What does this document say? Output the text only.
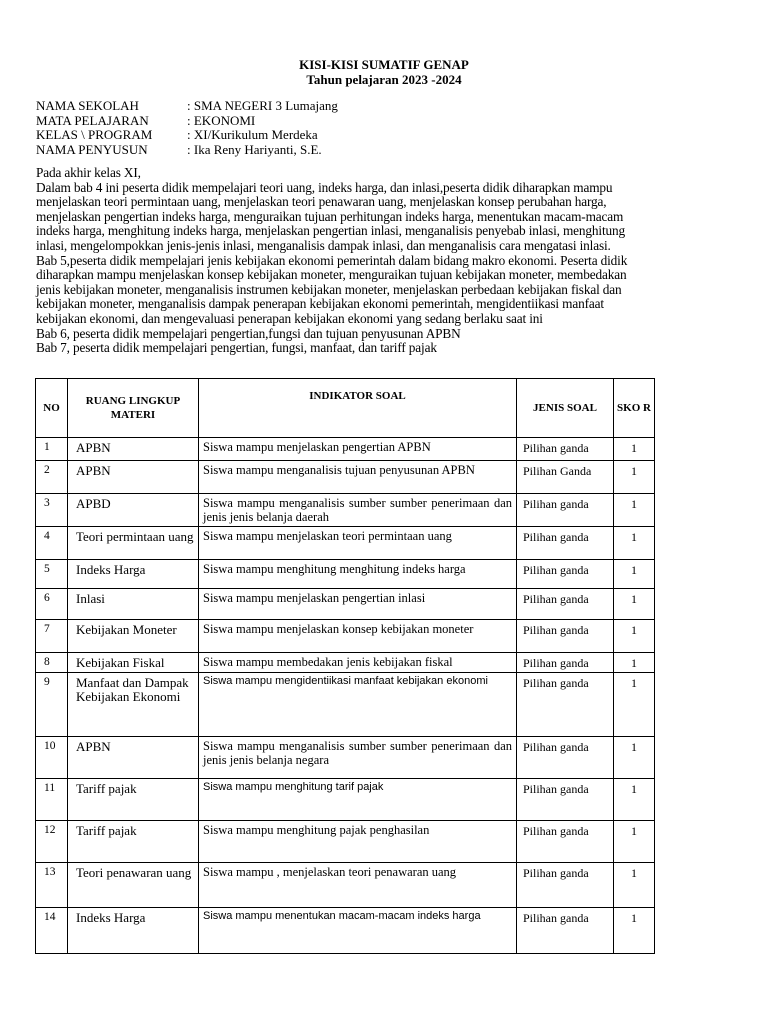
KISI-KISI SUMATIF GENAP
Tahun pelajaran 2023 -2024
NAMA SEKOLAH	: SMA NEGERI 3 Lumajang
MATA PELAJARAN	: EKONOMI
KELAS \ PROGRAM	: XI/Kurikulum Merdeka
NAMA PENYUSUN	: Ika Reny Hariyanti, S.E.
Pada akhir kelas XI,
Dalam bab 4 ini peserta didik mempelajari teori uang, indeks harga, dan inlasi,peserta didik diharapkan mampu
menjelaskan teori permintaan uang, menjelaskan teori penawaran uang, menjelaskan konsep perubahan harga,
menjelaskan pengertian indeks harga, menguraikan tujuan perhitungan indeks harga, menentukan macam-macam
indeks harga, menghitung indeks harga, menjelaskan pengertian inlasi, menganalisis penyebab inlasi, menghitung
inlasi, mengelompokkan jenis-jenis inlasi, menganalisis dampak inlasi, dan menganalisis cara mengatasi inlasi.
Bab 5,peserta didik mempelajari jenis kebijakan ekonomi pemerintah dalam bidang makro ekonomi. Peserta didik
diharapkan mampu menjelaskan konsep kebijakan moneter, menguraikan tujuan kebijakan moneter, membedakan
jenis kebijakan moneter, menganalisis instrumen kebijakan moneter, menjelaskan perbedaan kebijakan fiskal dan
kebijakan moneter, menganalisis dampak penerapan kebijakan ekonomi pemerintah, mengidentiikasi manfaat
kebijakan ekonomi, dan mengevaluasi penerapan kebijakan ekonomi yang sedang berlaku saat ini
Bab 6, peserta didik mempelajari pengertian,fungsi dan tujuan penyusunan APBN
Bab 7, peserta didik mempelajari pengertian, fungsi, manfaat, dan tariff pajak
NO	RUANG LINGKUP MATERI	INDIKATOR SOAL	JENIS SOAL	SKO R
1	APBN	Siswa mampu menjelaskan pengertian APBN	Pilihan ganda	1
2	APBN	Siswa mampu menganalisis tujuan penyusunan APBN	Pilihan Ganda	1
3	APBD	Siswa mampu menganalisis sumber sumber penerimaan dan jenis jenis belanja daerah	Pilihan ganda	1
4	Teori permintaan uang	Siswa mampu menjelaskan teori permintaan uang	Pilihan ganda	1
5	Indeks Harga	Siswa mampu menghitung menghitung indeks harga	Pilihan ganda	1
6	Inlasi	Siswa mampu menjelaskan pengertian inlasi	Pilihan ganda	1
7	Kebijakan Moneter	Siswa mampu menjelaskan konsep kebijakan moneter	Pilihan ganda	1
8	Kebijakan Fiskal	Siswa mampu membedakan jenis kebijakan fiskal	Pilihan ganda	1
9	Manfaat dan Dampak Kebijakan Ekonomi	Siswa mampu mengidentiikasi manfaat kebijakan ekonomi	Pilihan ganda	1
10	APBN	Siswa mampu menganalisis sumber sumber penerimaan dan jenis jenis belanja negara	Pilihan ganda	1
11	Tariff pajak	Siswa mampu menghitung tarif pajak	Pilihan ganda	1
12	Tariff pajak	Siswa mampu menghitung pajak penghasilan	Pilihan ganda	1
13	Teori penawaran uang	Siswa mampu , menjelaskan teori penawaran uang	Pilihan ganda	1
14	Indeks Harga	Siswa mampu menentukan macam-macam indeks harga	Pilihan ganda	1
